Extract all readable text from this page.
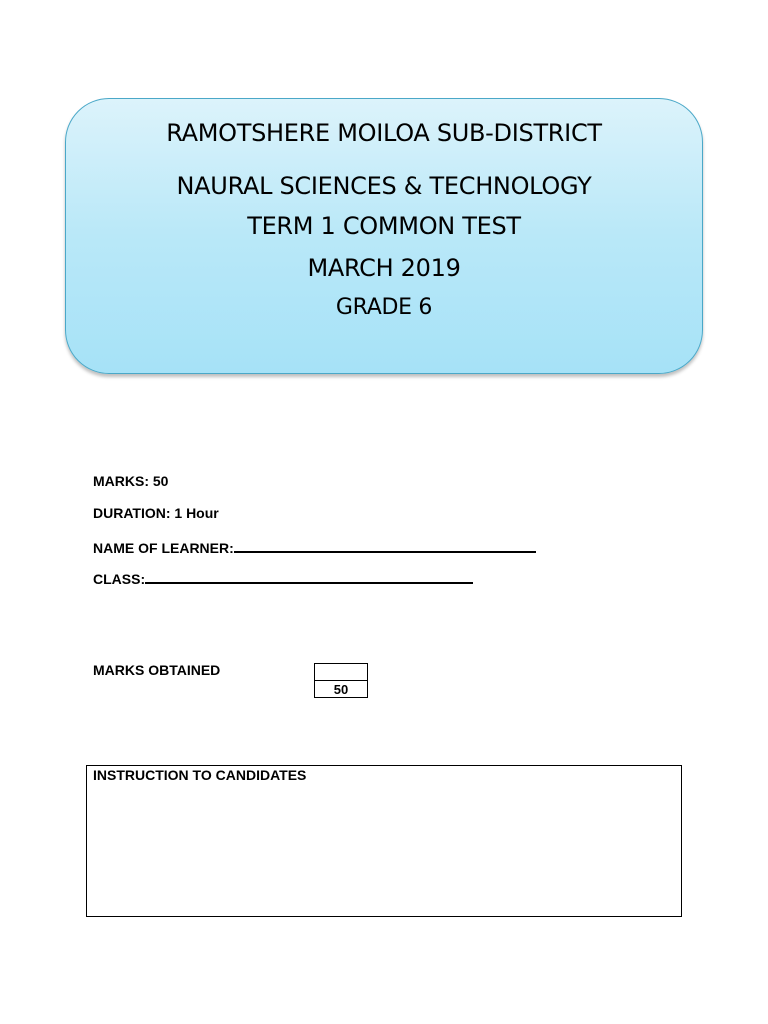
RAMOTSHERE MOILOA SUB-DISTRICT
NAURAL SCIENCES & TECHNOLOGY
TERM 1 COMMON TEST
MARCH 2019
GRADE 6
MARKS: 50
DURATION: 1 Hour
NAME OF LEARNER:
CLASS:
MARKS OBTAINED
50
INSTRUCTION TO CANDIDATES
